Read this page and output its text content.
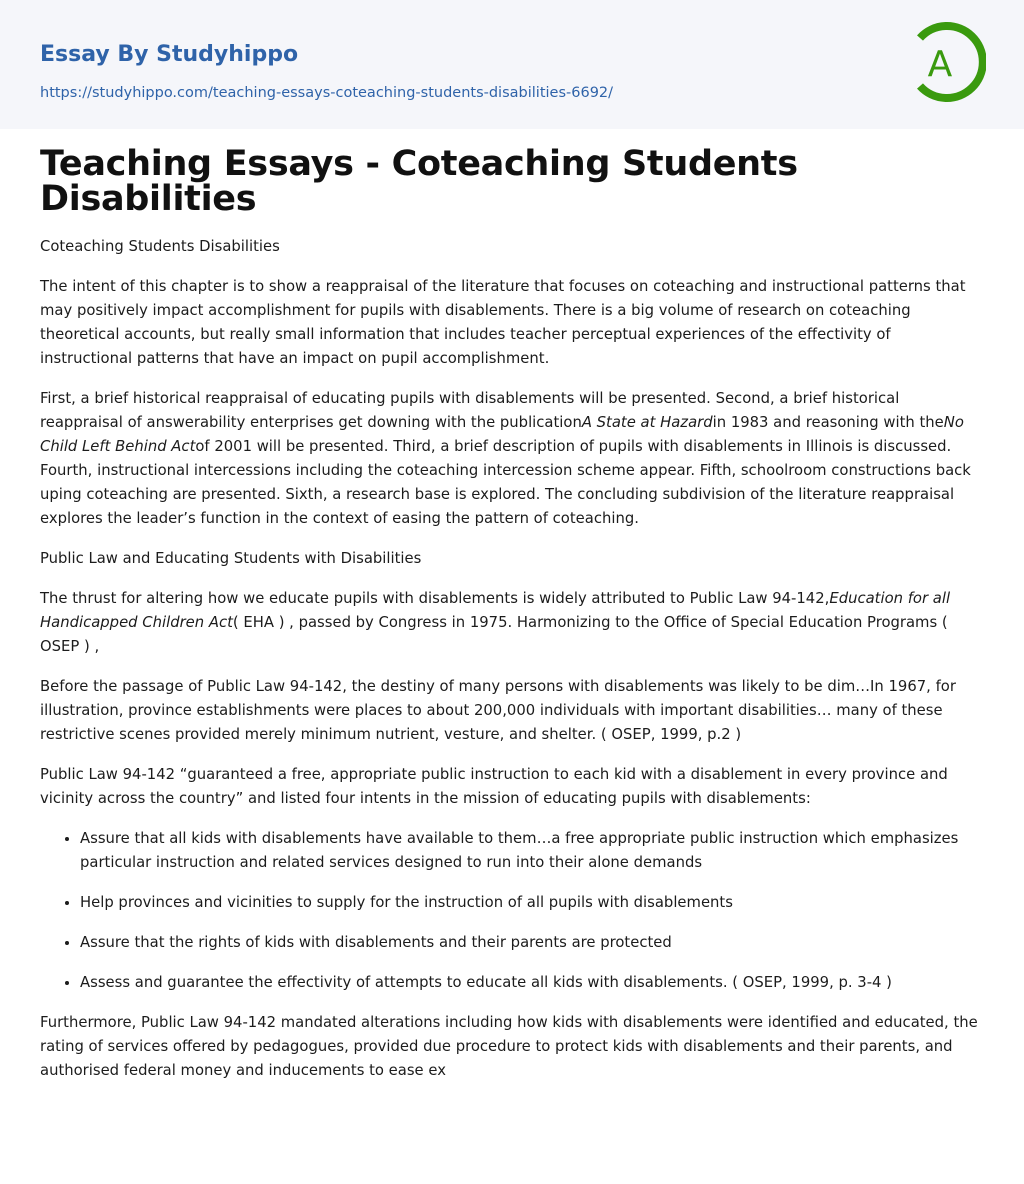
Essay By Studyhippo
https://studyhippo.com/teaching-essays-coteaching-students-disabilities-6692/
A
Teaching Essays - Coteaching Students Disabilities

Coteaching Students Disabilities

The intent of this chapter is to show a reappraisal of the literature that focuses on coteaching and instructional patterns that may positively impact accomplishment for pupils with disablements. There is a big volume of research on coteaching theoretical accounts, but really small information that includes teacher perceptual experiences of the effectivity of instructional patterns that have an impact on pupil accomplishment.

First, a brief historical reappraisal of educating pupils with disablements will be presented. Second, a brief historical reappraisal of answerability enterprises get downing with the publicationA State at Hazardin 1983 and reasoning with theNo Child Left Behind Actof 2001 will be presented. Third, a brief description of pupils with disablements in Illinois is discussed. Fourth, instructional intercessions including the coteaching intercession scheme appear. Fifth, schoolroom constructions back uping coteaching are presented. Sixth, a research base is explored. The concluding subdivision of the literature reappraisal explores the leader’s function in the context of easing the pattern of coteaching.

Public Law and Educating Students with Disabilities

The thrust for altering how we educate pupils with disablements is widely attributed to Public Law 94-142,Education for all Handicapped Children Act( EHA ) , passed by Congress in 1975. Harmonizing to the Office of Special Education Programs ( OSEP ) ,

Before the passage of Public Law 94-142, the destiny of many persons with disablements was likely to be dim…In 1967, for illustration, province establishments were places to about 200,000 individuals with important disabilities… many of these restrictive scenes provided merely minimum nutrient, vesture, and shelter. ( OSEP, 1999, p.2 )

Public Law 94-142 “guaranteed a free, appropriate public instruction to each kid with a disablement in every province and vicinity across the country” and listed four intents in the mission of educating pupils with disablements:

• Assure that all kids with disablements have available to them…a free appropriate public instruction which emphasizes particular instruction and related services designed to run into their alone demands
• Help provinces and vicinities to supply for the instruction of all pupils with disablements
• Assure that the rights of kids with disablements and their parents are protected
• Assess and guarantee the effectivity of attempts to educate all kids with disablements. ( OSEP, 1999, p. 3-4 )

Furthermore, Public Law 94-142 mandated alterations including how kids with disablements were identified and educated, the rating of services offered by pedagogues, provided due procedure to protect kids with disablements and their parents, and authorised federal money and inducements to ease ex
